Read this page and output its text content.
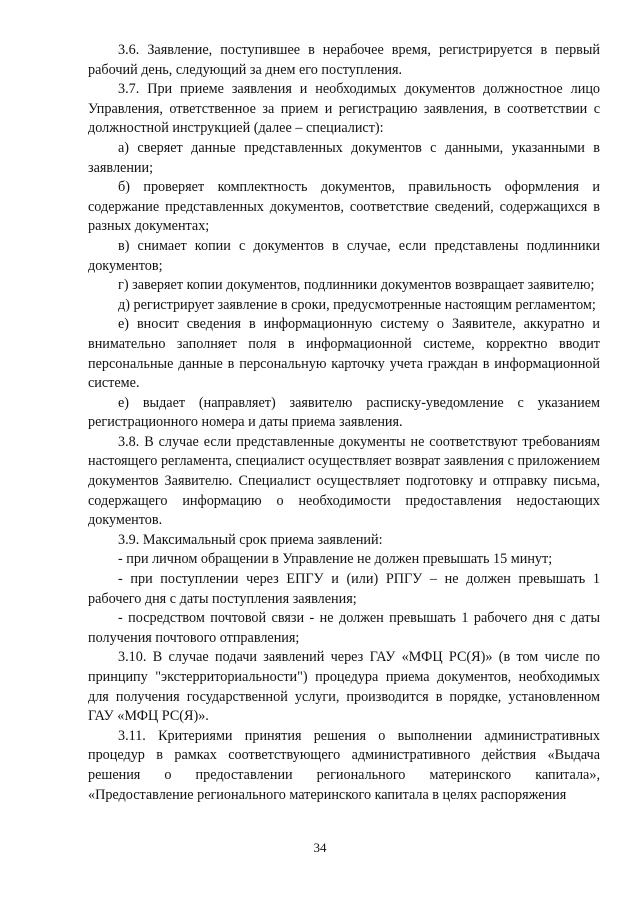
3.6. Заявление, поступившее в нерабочее время, регистрируется в первый рабочий день, следующий за днем его поступления.

3.7. При приеме заявления и необходимых документов должностное лицо Управления, ответственное за прием и регистрацию заявления, в соответствии с должностной инструкцией (далее – специалист):

а) сверяет данные представленных документов с данными, указанными в заявлении;

б) проверяет комплектность документов, правильность оформления и содержание представленных документов, соответствие сведений, содержащихся в разных документах;

в) снимает копии с документов в случае, если представлены подлинники документов;

г) заверяет копии документов, подлинники документов возвращает заявителю;

д) регистрирует заявление в сроки, предусмотренные настоящим регламентом;

е) вносит сведения в информационную систему о Заявителе, аккуратно и внимательно заполняет поля в информационной системе, корректно вводит персональные данные в персональную карточку учета граждан в информационной системе.

е) выдает (направляет) заявителю расписку-уведомление с указанием регистрационного номера и даты приема заявления.

3.8. В случае если представленные документы не соответствуют требованиям настоящего регламента, специалист осуществляет возврат заявления с приложением документов Заявителю. Специалист осуществляет подготовку и отправку письма, содержащего информацию о необходимости предоставления недостающих документов.

3.9. Максимальный срок приема заявлений:

- при личном обращении в Управление не должен превышать 15 минут;

- при поступлении через ЕПГУ и (или) РПГУ – не должен превышать 1 рабочего дня с даты поступления заявления;

- посредством почтовой связи - не должен превышать 1 рабочего дня с даты получения почтового отправления;

3.10. В случае подачи заявлений через ГАУ «МФЦ РС(Я)» (в том числе по принципу "экстерриториальности") процедура приема документов, необходимых для получения государственной услуги, производится в порядке, установленном ГАУ «МФЦ РС(Я)».

3.11. Критериями принятия решения о выполнении административных процедур в рамках соответствующего административного действия «Выдача решения о предоставлении регионального материнского капитала», «Предоставление регионального материнского капитала в целях распоряжения

34
